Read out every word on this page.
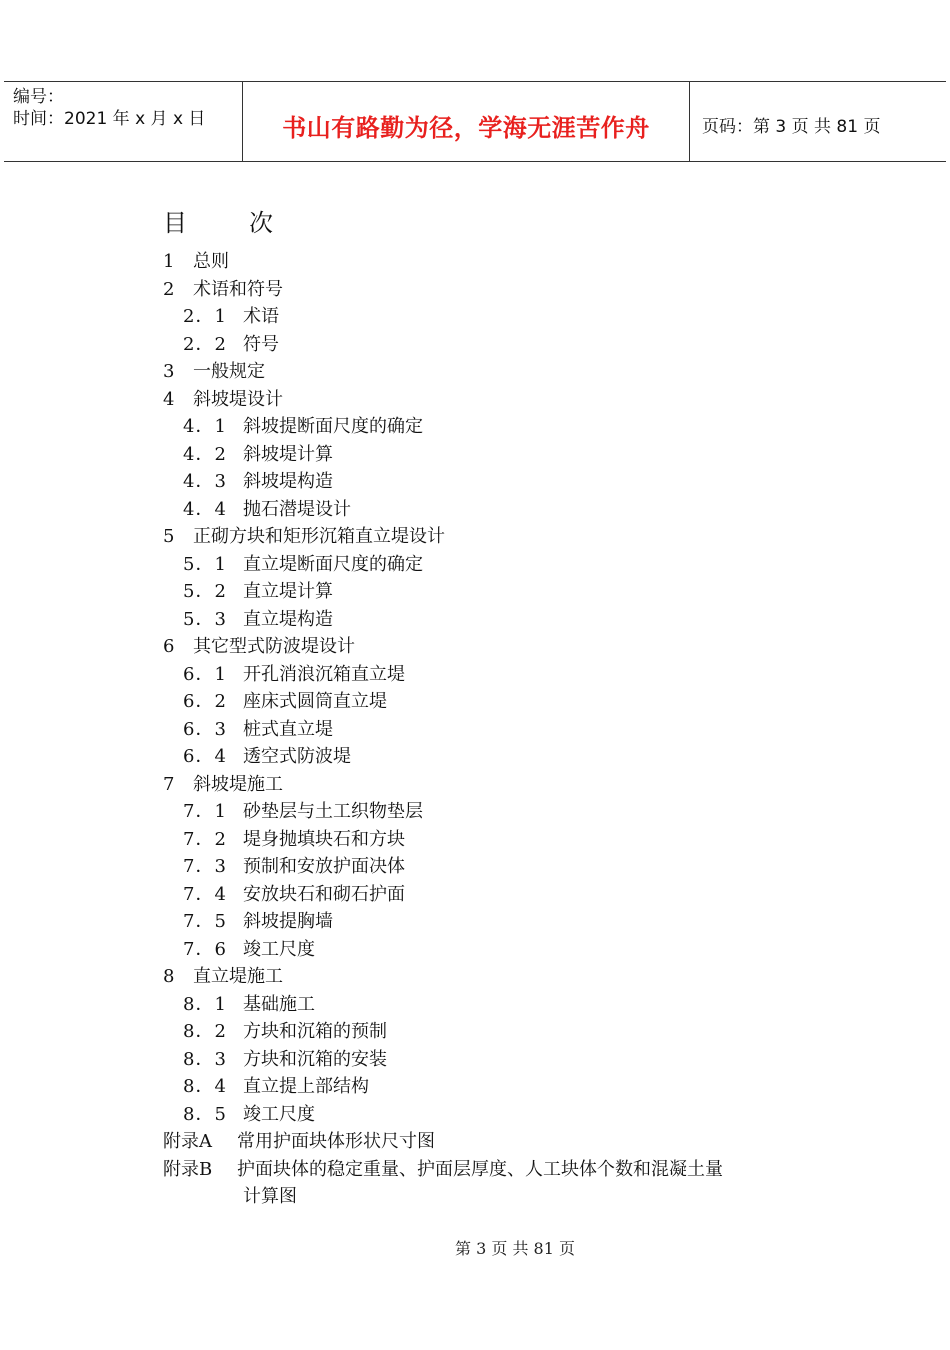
编号：
时间：2021 年 x 月 x 日	书山有路勤为径，学海无涯苦作舟	页码：第 3 页 共 81 页
目	次
1 总则
2 术语和符号
2．1 术语
2．2 符号
3 一般规定
4 斜坡堤设计
4．1 斜坡提断面尺度的确定
4．2 斜坡堤计算
4．3 斜坡堤构造
4．4 抛石潜堤设计
5 正砌方块和矩形沉箱直立堤设计
5．1 直立堤断面尺度的确定
5．2 直立堤计算
5．3 直立堤构造
6 其它型式防波堤设计
6．1 开孔消浪沉箱直立堤
6．2 座床式圆筒直立堤
6．3 桩式直立堤
6．4 透空式防波堤
7 斜坡堤施工
7．1 砂垫层与土工织物垫层
7．2 堤身抛填块石和方块
7．3 预制和安放护面决体
7．4 安放块石和砌石护面
7．5 斜坡提胸墙
7．6 竣工尺度
8 直立堤施工
8．1 基础施工
8．2 方块和沉箱的预制
8．3 方块和沉箱的安装
8．4 直立提上部结构
8．5 竣工尺度
附录A 常用护面块体形状尺寸图
附录B 护面块体的稳定重量、护面层厚度、人工块体个数和混凝土量
计算图
第 3 页 共 81 页
